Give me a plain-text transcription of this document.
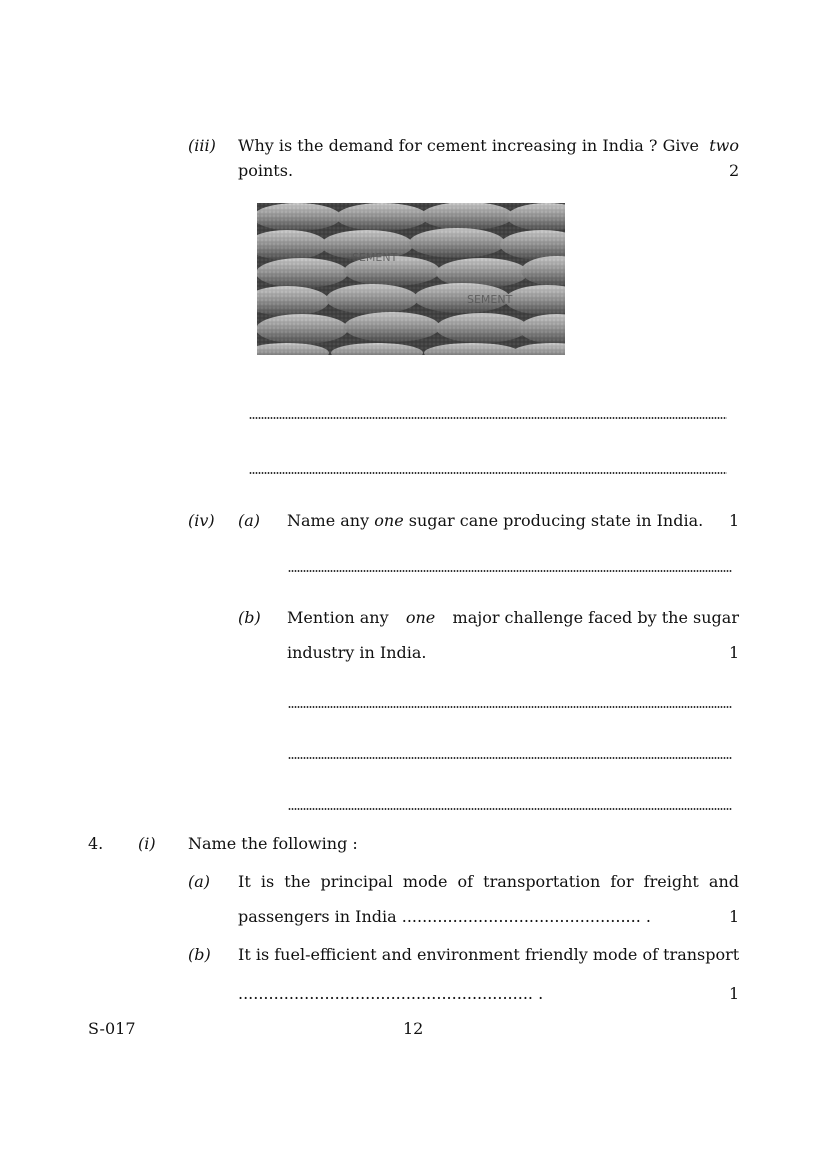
(iii) Why is the demand for cement increasing in India ? Give two
points.	2
SEMENT
SEMENT
(iv) (a) Name any one sugar cane producing state in India. 1
(b) Mention any one major challenge faced by the sugar
industry in India.	1
4. (i) Name the following :
(a) It is the principal mode of transportation for freight and
passengers in India ............................................... .	1
(b) It is fuel-efficient and environment friendly mode of transport
.......................................................... .	1
S-017	12
